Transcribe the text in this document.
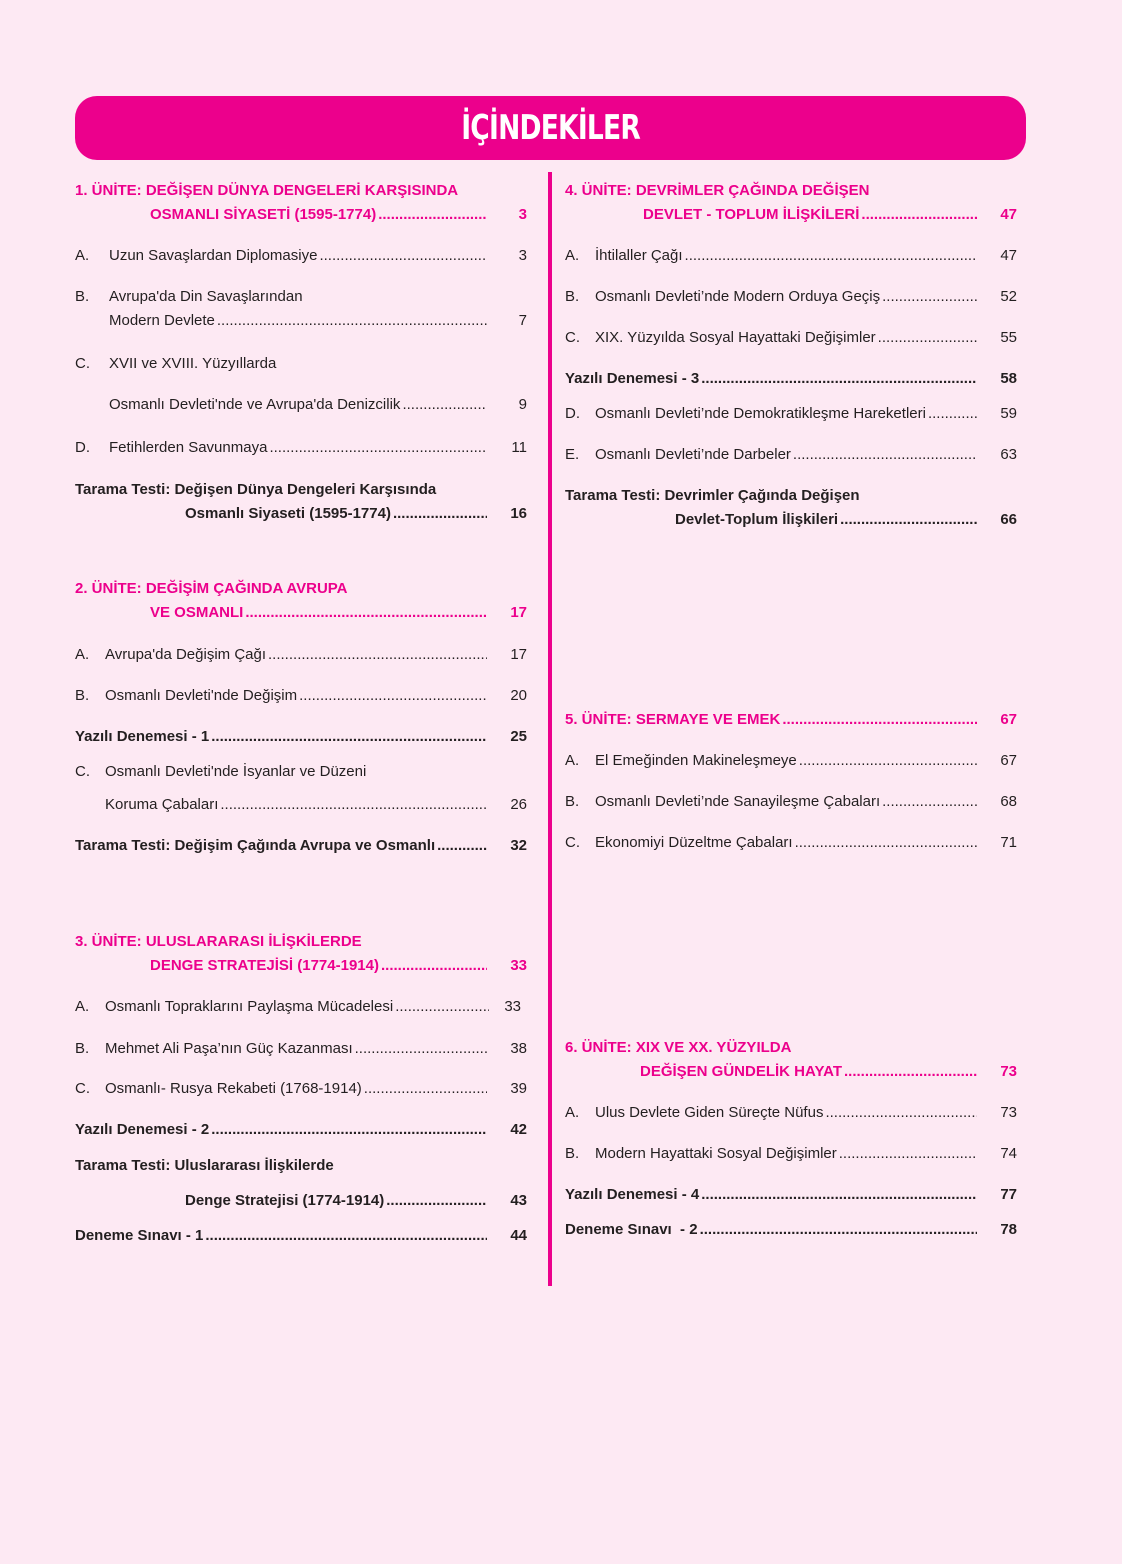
İÇİNDEKİLER
1. ÜNİTE: DEĞİŞEN DÜNYA DENGELERİ KARŞISINDA
OSMANLI SİYASETİ (1595-1774) .....	3
A.	Uzun Savaşlardan Diplomasiye .....	3
B.	Avrupa'da Din Savaşlarından
Modern Devlete .....	7
C.	XVII ve XVIII. Yüzyıllarda
Osmanlı Devleti'nde ve Avrupa'da Denizcilik .....	9
D.	Fetihlerden Savunmaya .....	11
Tarama Testi: Değişen Dünya Dengeleri Karşısında
Osmanlı Siyaseti (1595-1774) .....	16
2. ÜNİTE: DEĞİŞİM ÇAĞINDA AVRUPA
VE OSMANLI .....	17
A.	Avrupa'da Değişim Çağı .....	17
B.	Osmanlı Devleti'nde Değişim .....	20
Yazılı Denemesi - 1 .....	25
C.	Osmanlı Devleti'nde İsyanlar ve Düzeni
Koruma Çabaları .....	26
Tarama Testi: Değişim Çağında Avrupa ve Osmanlı .....	32
3. ÜNİTE: ULUSLARARASI İLİŞKİLERDE
DENGE STRATEJİSİ (1774-1914) .....	33
A.	Osmanlı Topraklarını Paylaşma Mücadelesi .....	33
B.	Mehmet Ali Paşa’nın Güç Kazanması .....	38
C.	Osmanlı- Rusya Rekabeti (1768-1914) .....	39
Yazılı Denemesi - 2 .....	42
Tarama Testi: Uluslararası İlişkilerde
Denge Stratejisi (1774-1914) .....	43
Deneme Sınavı - 1 .....	44
4. ÜNİTE: DEVRİMLER ÇAĞINDA DEĞİŞEN
DEVLET - TOPLUM İLİŞKİLERİ .....	47
A.	İhtilaller Çağı .....	47
B.	Osmanlı Devleti’nde Modern Orduya Geçiş .....	52
C.	XIX. Yüzyılda Sosyal Hayattaki Değişimler .....	55
Yazılı Denemesi - 3 .....	58
D.	Osmanlı Devleti’nde Demokratikleşme Hareketleri .....	59
E.	Osmanlı Devleti’nde Darbeler .....	63
Tarama Testi: Devrimler Çağında Değişen
Devlet-Toplum İlişkileri .....	66
5. ÜNİTE: SERMAYE VE EMEK .....	67
A.	El Emeğinden Makineleşmeye .....	67
B.	Osmanlı Devleti’nde Sanayileşme Çabaları .....	68
C.	Ekonomiyi Düzeltme Çabaları .....	71
6. ÜNİTE: XIX VE XX. YÜZYILDA
DEĞİŞEN GÜNDELİK HAYAT .....	73
A.	Ulus Devlete Giden Süreçte Nüfus .....	73
B.	Modern Hayattaki Sosyal Değişimler .....	74
Yazılı Denemesi - 4 .....	77
Deneme Sınavı  - 2 .....	78
